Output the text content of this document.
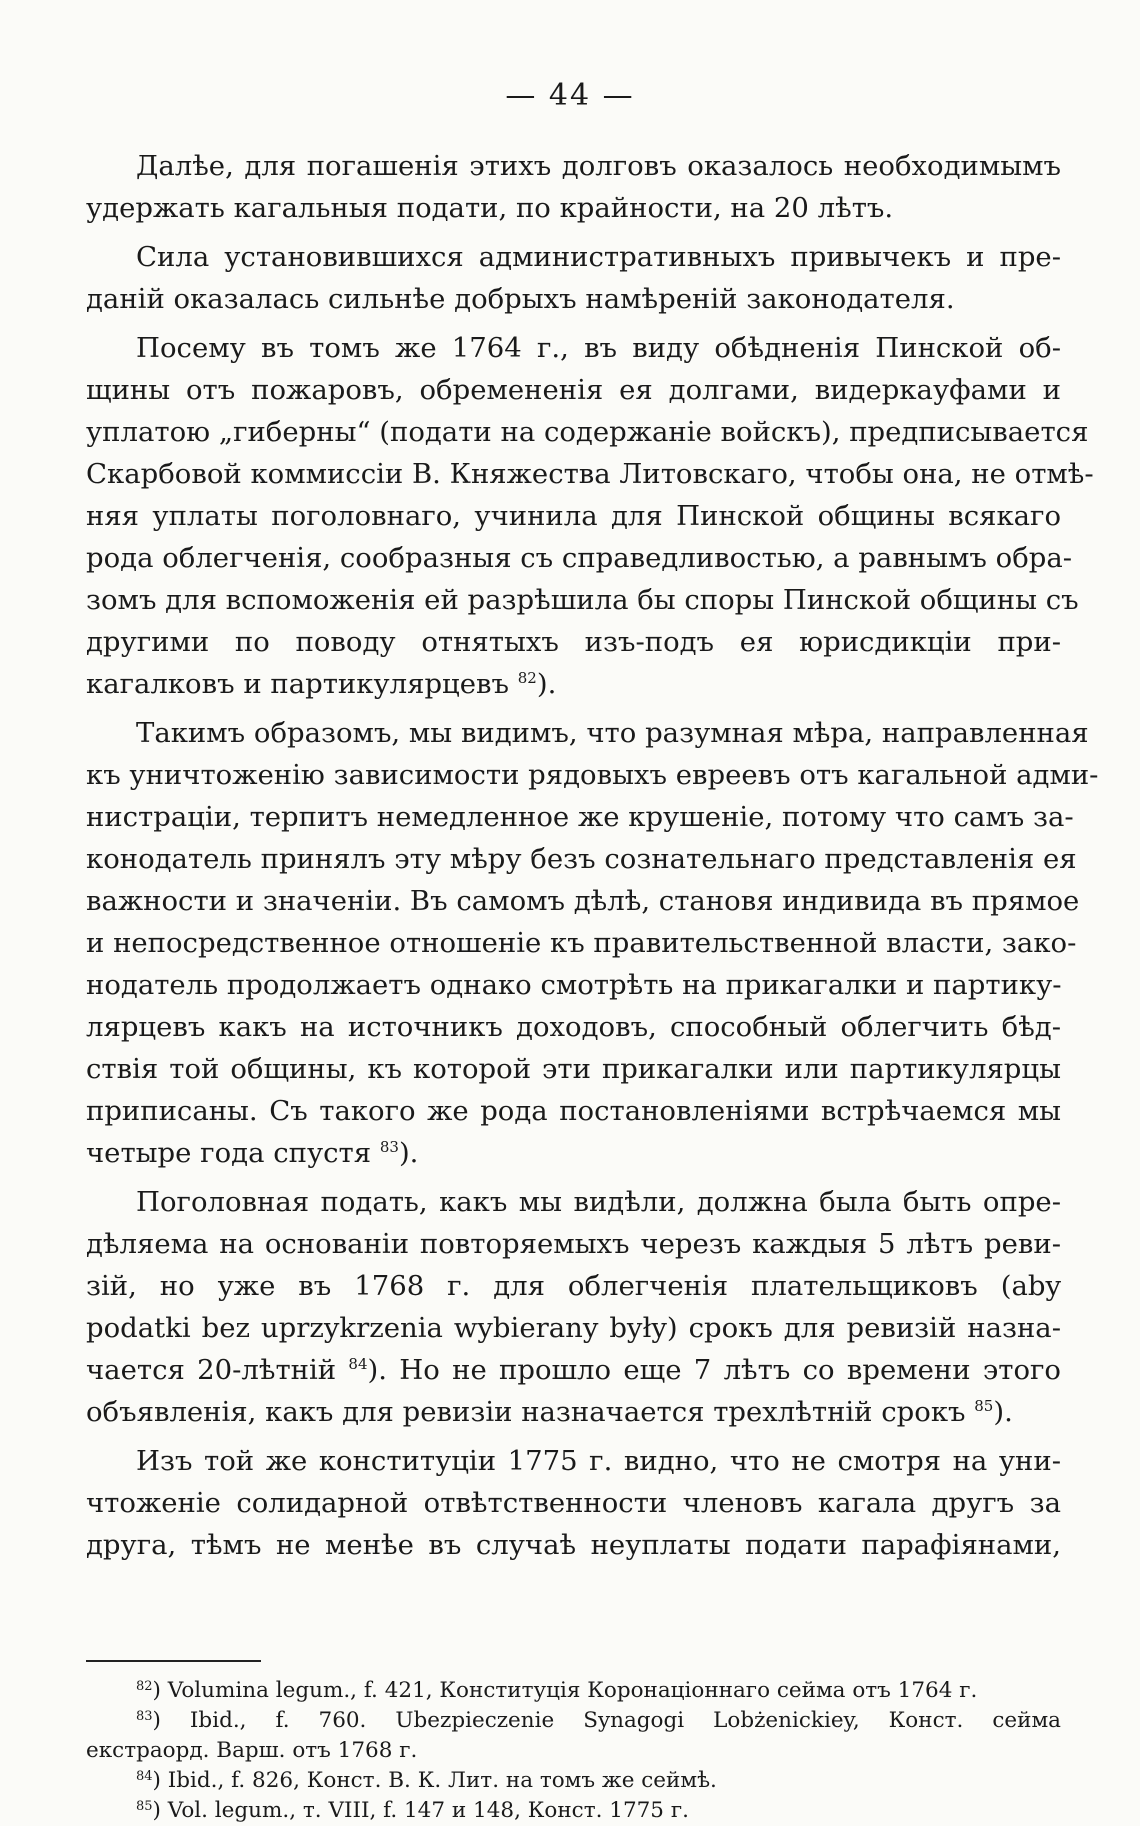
— 44 —
Далѣе, для погашенія этихъ долговъ оказалось необходимымъ
удержать кагальныя подати, по крайности, на 20 лѣтъ.
Сила установившихся административныхъ привычекъ и пре-
даній оказалась сильнѣе добрыхъ намѣреній законодателя.
Посему въ томъ же 1764 г., въ виду обѣдненія Пинской об-
щины отъ пожаровъ, обремененія ея долгами, видеркауфами и
уплатою „гиберны“ (подати на содержаніе войскъ), предписывается
Скарбовой коммиссіи В. Княжества Литовскаго, чтобы она, не отмѣ-
няя уплаты поголовнаго, учинила для Пинской общины всякаго
рода облегченія, сообразныя съ справедливостью, а равнымъ обра-
зомъ для вспоможенія ей разрѣшила бы споры Пинской общины съ
другими по поводу отнятыхъ изъ-подъ ея юрисдикціи при-
кагалковъ и партикулярцевъ $^{82}$).
Такимъ образомъ, мы видимъ, что разумная мѣра, направленная
къ уничтоженію зависимости рядовыхъ евреевъ отъ кагальной адми-
нистраціи, терпитъ немедленное же крушеніе, потому что самъ за-
конодатель принялъ эту мѣру безъ сознательнаго представленія ея
важности и значеніи. Въ самомъ дѣлѣ, становя индивида въ прямое
и непосредственное отношеніе къ правительственной власти, зако-
нодатель продолжаетъ однако смотрѣть на прикагалки и партику-
лярцевъ какъ на источникъ доходовъ, способный облегчить бѣд-
ствія той общины, къ которой эти прикагалки или партикулярцы
приписаны. Съ такого же рода постановленіями встрѣчаемся мы
четыре года спустя $^{83}$).
Поголовная подать, какъ мы видѣли, должна была быть опре-
дѣляема на основаніи повторяемыхъ черезъ каждыя 5 лѣтъ реви-
зій, но уже въ 1768 г. для облегченія плательщиковъ (aby
podatki bez uprzykrzenia wybierany były) срокъ для ревизій назна-
чается 20-лѣтній $^{84}$). Но не прошло еще 7 лѣтъ со времени этого
объявленія, какъ для ревизіи назначается трехлѣтній срокъ $^{85}$).
Изъ той же конституціи 1775 г. видно, что не смотря на уни-
чтоженіе солидарной отвѣтственности членовъ кагала другъ за
друга, тѣмъ не менѣе въ случаѣ неуплаты подати парафіянами,
$^{82}$) Volumina legum., f. 421, Конституція Коронаціоннаго сейма отъ 1764 г.
$^{83}$) Ibid., f. 760. Ubezpieczenie Synagogi Lobżenickiey, Конст. сейма
екстраорд. Варш. отъ 1768 г.
$^{84}$) Ibid., f. 826, Конст. В. К. Лит. на томъ же сеймѣ.
$^{85}$) Vol. legum., т. VIII, f. 147 и 148, Конст. 1775 г.
